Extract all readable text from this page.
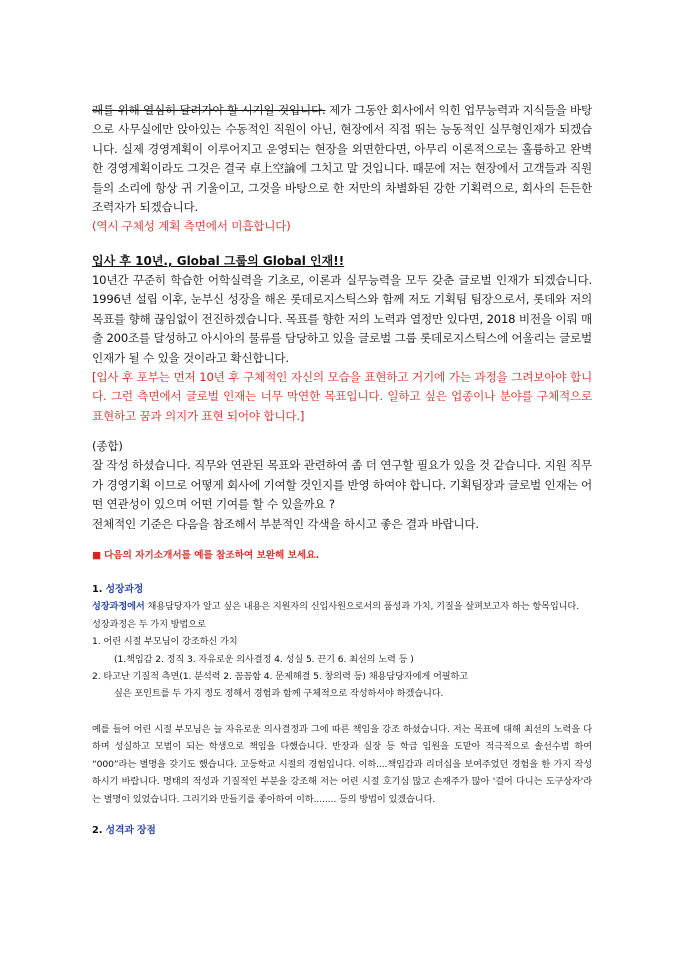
래를 위해 열심히 달려가야 할 시기일 것입니다. 제가 그동안 회사에서 익힌 업무능력과 지식들을 바탕으로 사무실에만 앉아있는 수동적인 직원이 아닌, 현장에서 직접 뛰는 능동적인 실무형인재가 되겠습니다. 실제 경영계획이 이루어지고 운영되는 현장을 외면한다면, 아무리 이론적으로는 훌륭하고 완벽한 경영계획이라도 그것은 결국 卓上空論에 그치고 말 것입니다. 때문에 저는 현장에서 고객들과 직원들의 소리에 항상 귀 기울이고, 그것을 바탕으로 한 저만의 차별화된 강한 기획력으로, 회사의 든든한 조력자가 되겠습니다.
(역시 구체성 계획 측면에서 미흡합니다)
입사 후 10년., Global 그룹의 Global 인재!!
10년간 꾸준히 학습한 어학실력을 기초로, 이론과 실무능력을 모두 갖춘 글로벌 인재가 되겠습니다. 1996년 설립 이후, 눈부신 성장을 해온 롯데로지스틱스와 함께 저도 기획팀 팀장으로서, 롯데와 저의 목표를 향해 끊임없이 전진하겠습니다. 목표를 향한 저의 노력과 열정만 있다면, 2018 비전을 이뤄 매출 200조를 달성하고 아시아의 물류를 담당하고 있을 글로벌 그룹 롯데로지스틱스에 어울리는 글로벌 인재가 될 수 있을 것이라고 확신합니다.
[입사 후 포부는 먼저 10년 후 구체적인 자신의 모습을 표현하고 거기에 가는 과정을 그려보아야 합니다. 그런 측면에서 글로벌 인재는 너무 막연한 목표입니다. 일하고 싶은 업종이나 분야를 구체적으로 표현하고 꿈과 의지가 표현 되어야 합니다.]
(종합)
잘 작성 하셨습니다. 직무와 연관된 목표와 관련하여 좀 더 연구할 필요가 있을 것 같습니다. 지원 직무가 경영기획 이므로 어떻게 회사에 기여할 것인지를 반영 하여야 합니다. 기획팀장과 글로벌 인재는 어떤 연관성이 있으며 어떤 기여를 할 수 있을까요 ?
전체적인 기준은 다음을 참조해서 부분적인 각색을 하시고 좋은 결과 바랍니다.
■ 다음의 자기소개서를 예를 참조하여 보완해 보세요.
1. 성장과정
성장과정에서 채용담당자가 알고 싶은 내용은 지원자의 신입사원으로서의 품성과 가치, 기질을 살펴보고자 하는 항목입니다.
성장과정은 두 가지 방법으로
1. 어린 시절 부모님이 강조하신 가치
(1.책임감 2. 정직 3. 자유로운 의사결정 4. 성실 5. 끈기 6. 최선의 노력 등 )
2. 타고난 기질적 측면(1. 분석력 2. 꼼꼼함 4. 문제해결 5. 창의력 등) 채용담당자에게 어필하고
싶은 포인트를 두 가지 정도 정해서 경험과 함께 구체적으로 작성하셔야 하겠습니다.
예를 들어 어린 시절 부모님은 늘 자유로운 의사결정과 그에 따른 책임을 강조 하셨습니다. 저는 목표에 대해 최선의 노력을 다하며 성실하고 모범이 되는 학생으로 책임을 다했습니다. 반장과 실장 등 학급 임원을 도맡아 적극적으로 솔선수범 하여 “000”라는 별명을 갖기도 했습니다. 고등학교 시절의 경험입니다. 이하....책임감과 리더십을 보여주었던 경험을 한 가지 작성하시기 바랍니다. 명태의 적성과 기질적인 부분을 강조해 저는 어린 시절 호기심 많고 손재주가 많아 '걸어 다니는 도구상자'라는 별명이 있었습니다. 그리기와 만들기를 좋아하여 이하........ 등의 방법이 있겠습니다.
2. 성격과 장점
